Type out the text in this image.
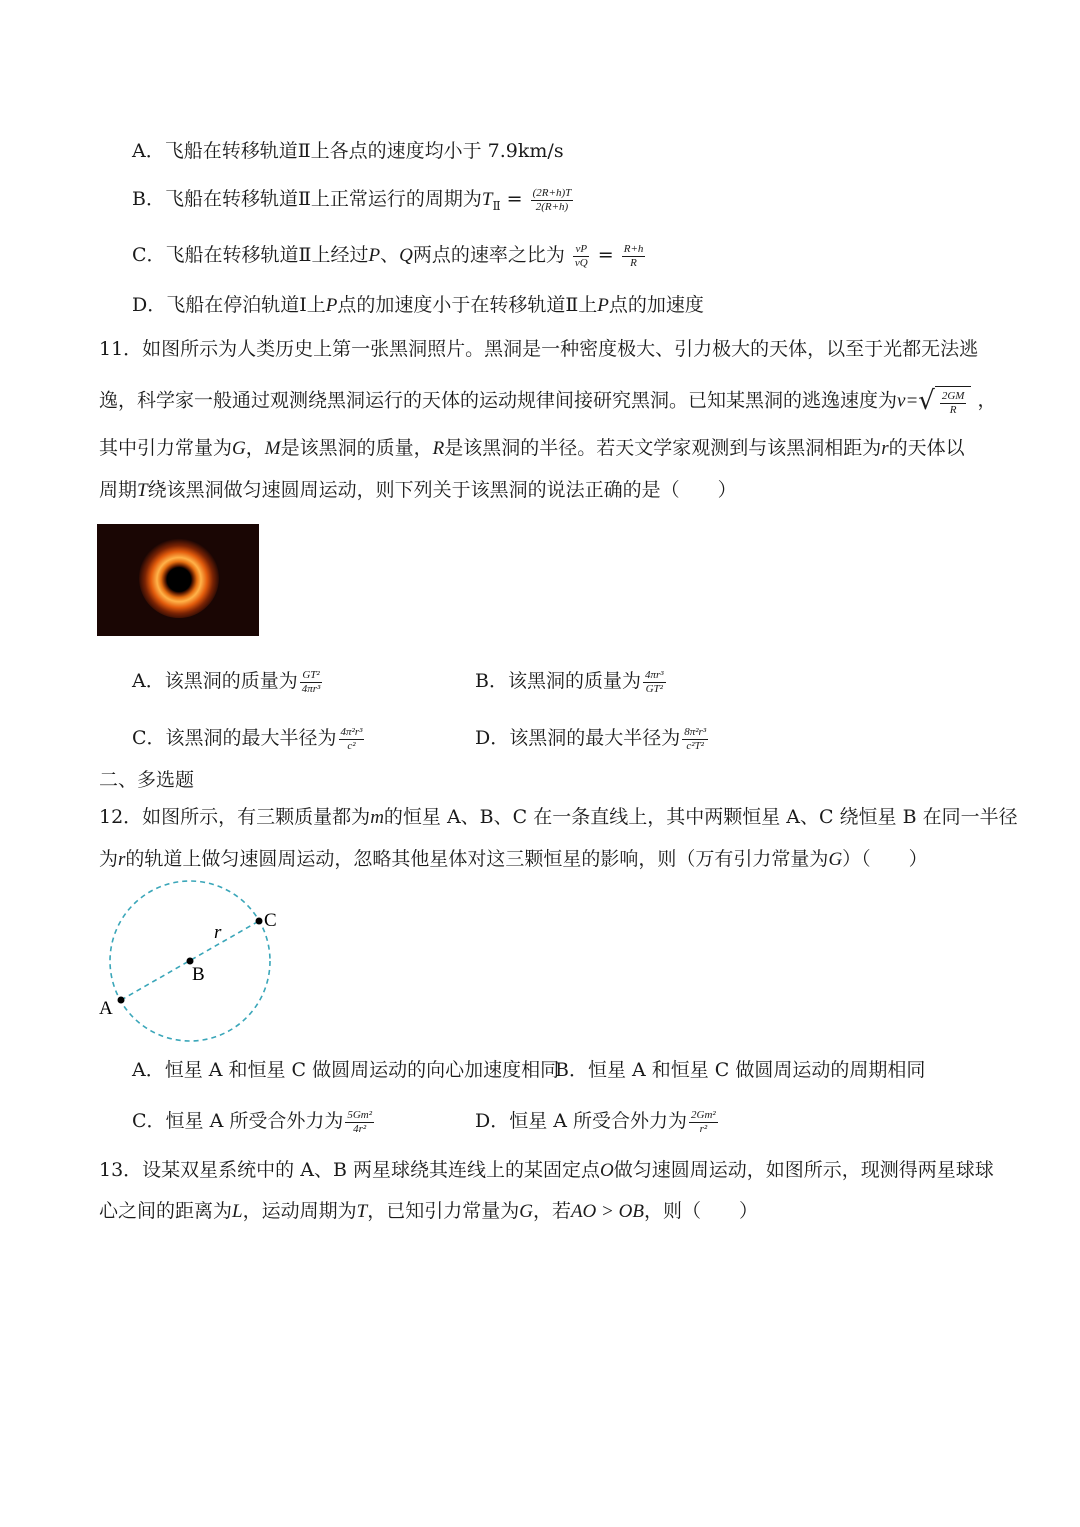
A．飞船在转移轨道Ⅱ上各点的速度均小于 7.9km/s
B．飞船在转移轨道Ⅱ上正常运行的周期为$T_Ⅱ = \frac{(2R+h)T}{2(R+h)}$
C．飞船在转移轨道Ⅱ上经过P、Q两点的速率之比为 $\frac{vP}{vQ} = \frac{R+h}{R}$
D．飞船在停泊轨道Ⅰ上P点的加速度小于在转移轨道Ⅱ上P点的加速度
11．如图所示为人类历史上第一张黑洞照片。黑洞是一种密度极大、引力极大的天体，以至于光都无法逃
逸，科学家一般通过观测绕黑洞运行的天体的运动规律间接研究黑洞。已知某黑洞的逃逸速度为v= √ $\frac{2GM}{R}$ ，
其中引力常量为G，M是该黑洞的质量，R是该黑洞的半径。若天文学家观测到与该黑洞相距为r的天体以
周期T绕该黑洞做匀速圆周运动，则下列关于该黑洞的说法正确的是（　　）
A．该黑洞的质量为 $\frac{\text{GT²}}{\text{4πr³}}$	B．该黑洞的质量为 $\frac{\text{4πr³}}{\text{GT²}}$
C．该黑洞的最大半径为 $\frac{\text{4π²r³}}{\text{c²}}$	D．该黑洞的最大半径为 $\frac{\text{8π²r³}}{\text{c²T²}}$
二、多选题
12．如图所示，有三颗质量都为m的恒星 A、B、C 在一条直线上，其中两颗恒星 A、C 绕恒星 B 在同一半径
为r的轨道上做匀速圆周运动，忽略其他星体对这三颗恒星的影响，则（万有引力常量为G）（　　）
A
B
C
r
A．恒星 A 和恒星 C 做圆周运动的向心加速度相同
B．恒星 A 和恒星 C 做圆周运动的周期相同
C．恒星 A 所受合外力为 $\frac{\text{5Gm²}}{\text{4r²}}$	D．恒星 A 所受合外力为 $\frac{\text{2Gm²}}{\text{r²}}$
13．设某双星系统中的 A、B 两星球绕其连线上的某固定点O做匀速圆周运动，如图所示，现测得两星球球
心之间的距离为L，运动周期为T，已知引力常量为G，若AO > OB，则（　　）
